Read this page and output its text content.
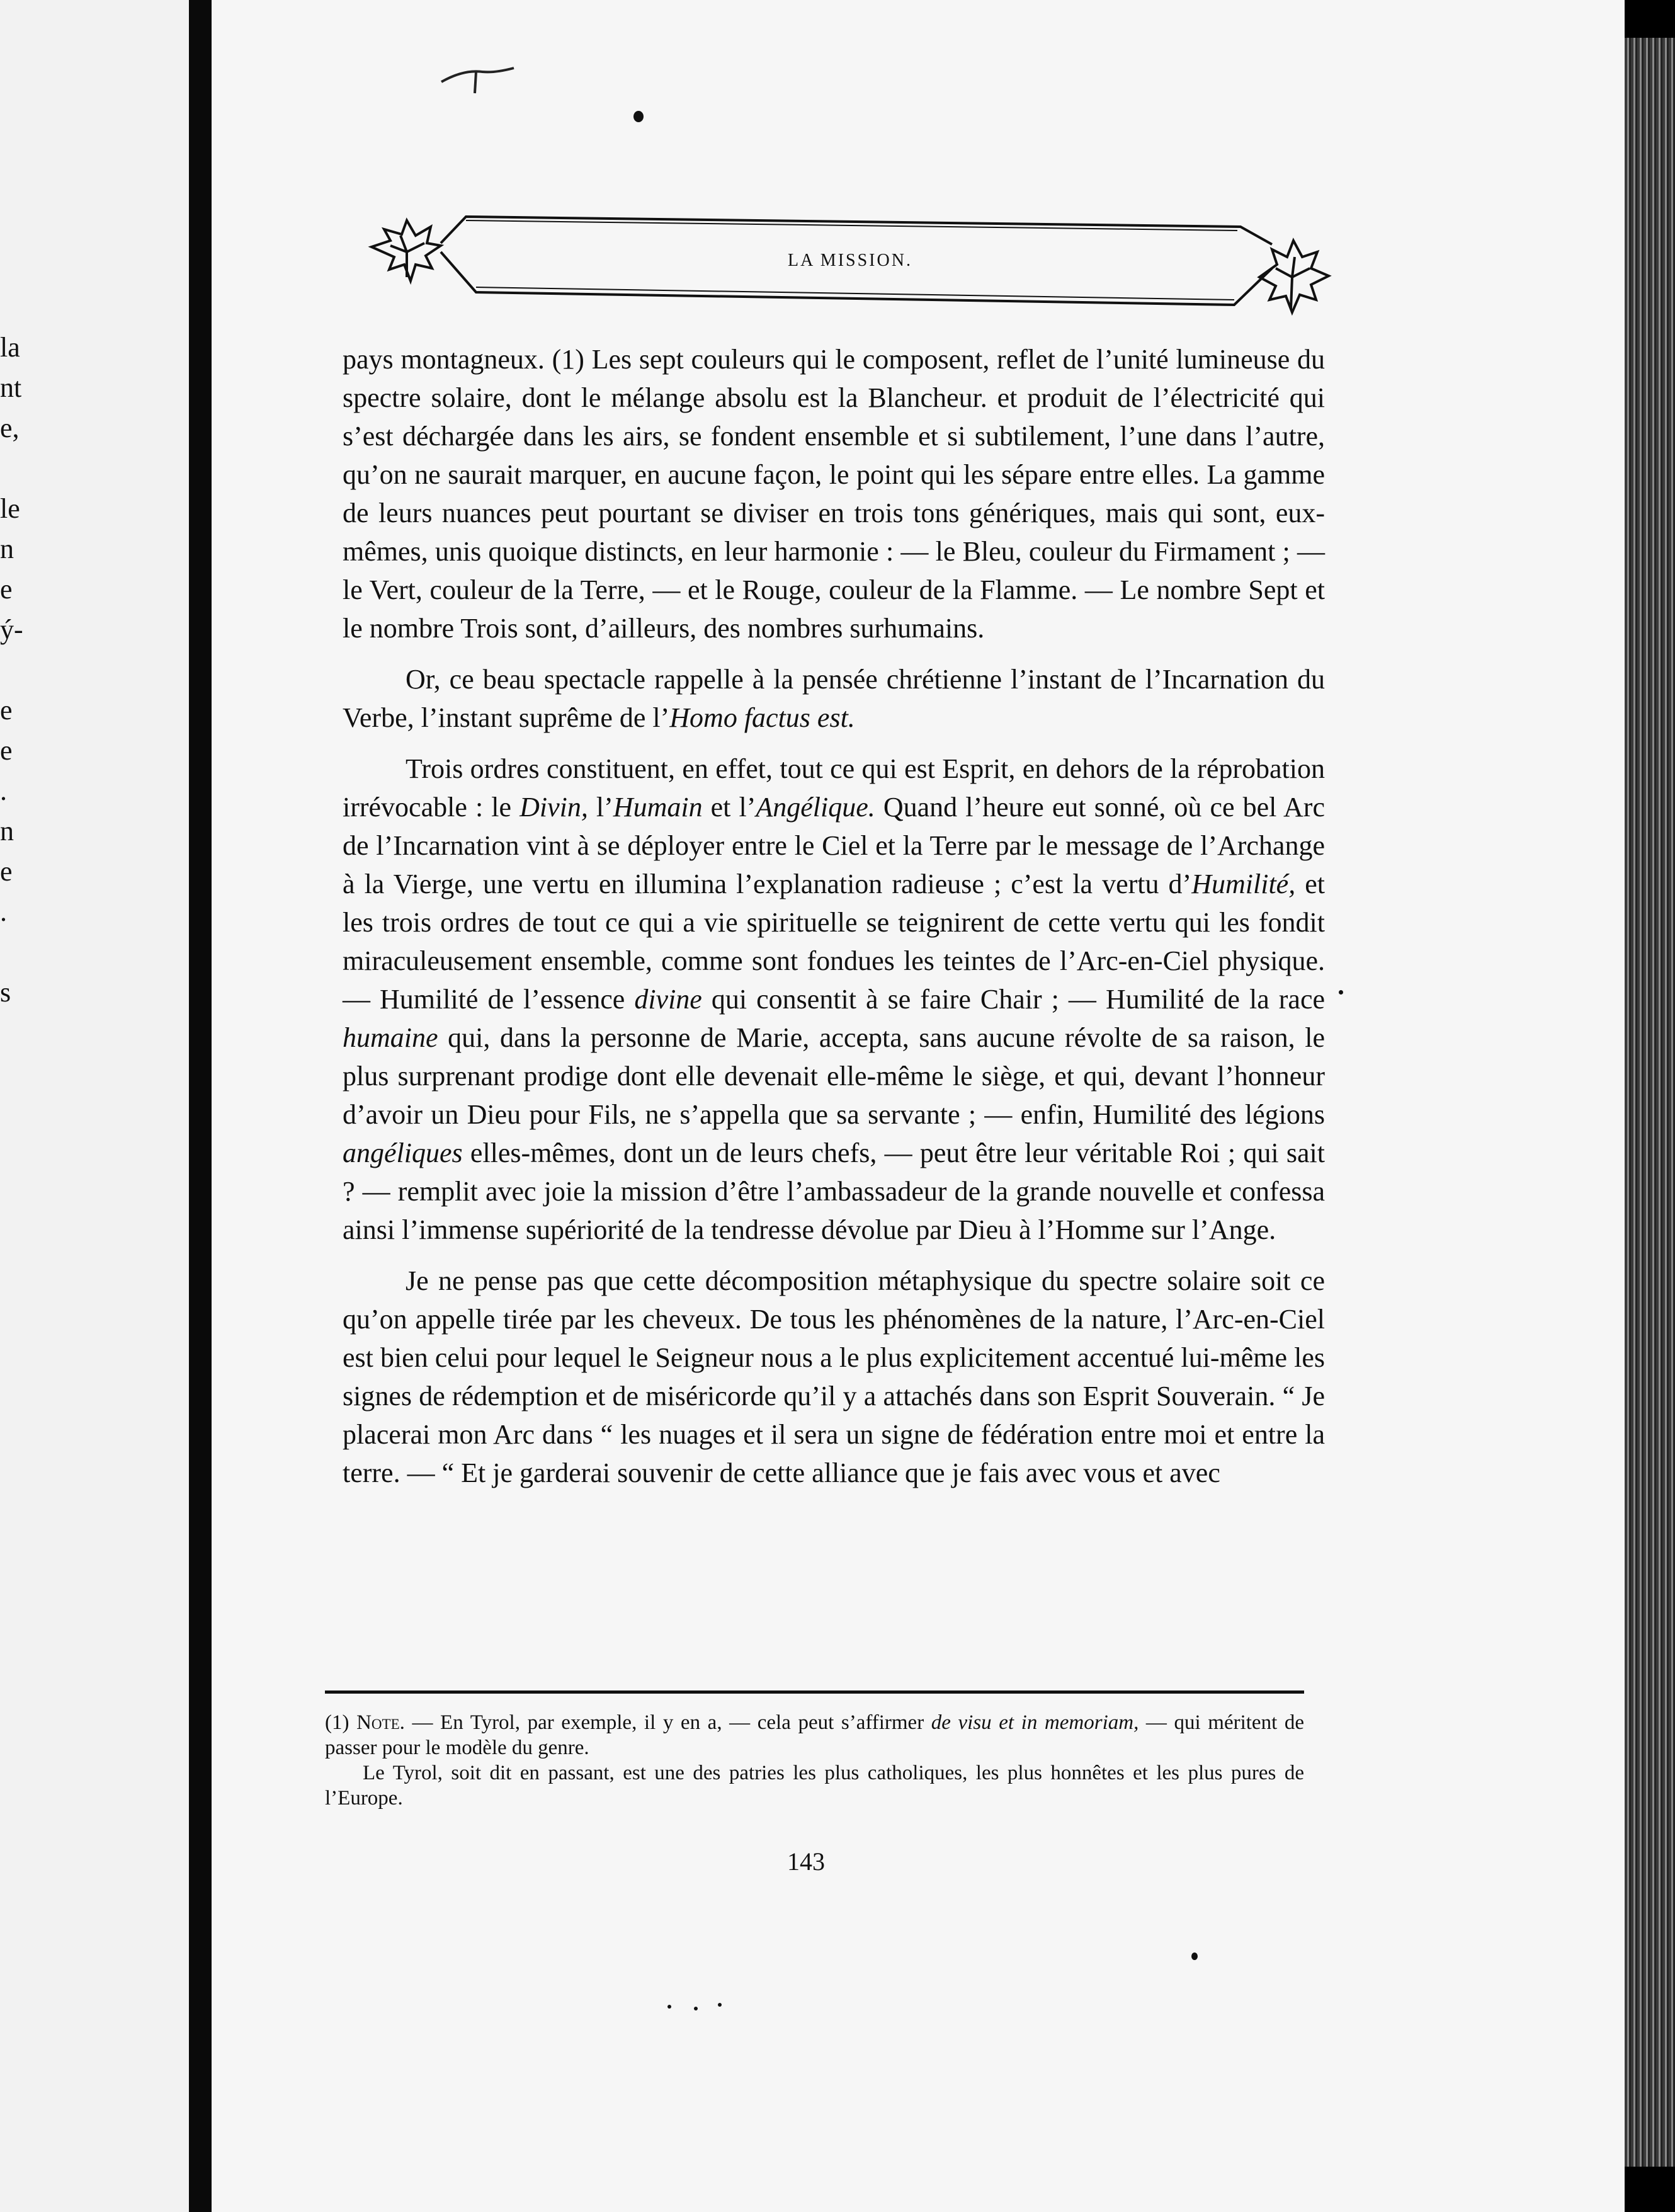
la
nt
e,
le
n
e
ý-
e
e
.
n
e
.
s
LA MISSION.

pays montagneux. (1) Les sept couleurs qui le composent, reflet de l’unité lumineuse du spectre solaire, dont le mélange absolu est la Blancheur. et produit de l’électricité qui s’est déchargée dans les airs, se fondent ensemble et si subtilement, l’une dans l’autre, qu’on ne saurait marquer, en aucune façon, le point qui les sépare entre elles. La gamme de leurs nuances peut pourtant se diviser en trois tons génériques, mais qui sont, eux-mêmes, unis quoique distincts, en leur harmonie : — le Bleu, couleur du Firmament ; — le Vert, couleur de la Terre, — et le Rouge, couleur de la Flamme. — Le nombre Sept et le nombre Trois sont, d’ailleurs, des nombres surhumains.

Or, ce beau spectacle rappelle à la pensée chrétienne l’instant de l’Incarnation du Verbe, l’instant suprême de l’Homo factus est.

Trois ordres constituent, en effet, tout ce qui est Esprit, en dehors de la réprobation irrévocable : le Divin, l’Humain et l’Angélique. Quand l’heure eut sonné, où ce bel Arc de l’Incarnation vint à se déployer entre le Ciel et la Terre par le message de l’Archange à la Vierge, une vertu en illumina l’explanation radieuse ; c’est la vertu d’Humilité, et les trois ordres de tout ce qui a vie spirituelle se teignirent de cette vertu qui les fondit miraculeusement ensemble, comme sont fondues les teintes de l’Arc-en-Ciel physique. — Humilité de l’essence divine qui consentit à se faire Chair ; — Humilité de la race humaine qui, dans la personne de Marie, accepta, sans aucune révolte de sa raison, le plus surprenant prodige dont elle devenait elle-même le siège, et qui, devant l’honneur d’avoir un Dieu pour Fils, ne s’appella que sa servante ; — enfin, Humilité des légions angéliques elles-mêmes, dont un de leurs chefs, — peut être leur véritable Roi ; qui sait ? — remplit avec joie la mission d’être l’ambassadeur de la grande nouvelle et confessa ainsi l’immense supériorité de la tendresse dévolue par Dieu à l’Homme sur l’Ange.

Je ne pense pas que cette décomposition métaphysique du spectre solaire soit ce qu’on appelle tirée par les cheveux. De tous les phénomènes de la nature, l’Arc-en-Ciel est bien celui pour lequel le Seigneur nous a le plus explicitement accentué lui-même les signes de rédemption et de miséricorde qu’il y a attachés dans son Esprit Souverain. “ Je placerai mon Arc dans “ les nuages et il sera un signe de fédération entre moi et entre la terre. — “ Et je garderai souvenir de cette alliance que je fais avec vous et avec

(1) Note. — En Tyrol, par exemple, il y en a, — cela peut s’affirmer de visu et in memoriam, — qui méritent de passer pour le modèle du genre.

Le Tyrol, soit dit en passant, est une des patries les plus catholiques, les plus honnêtes et les plus pures de l’Europe.

143
